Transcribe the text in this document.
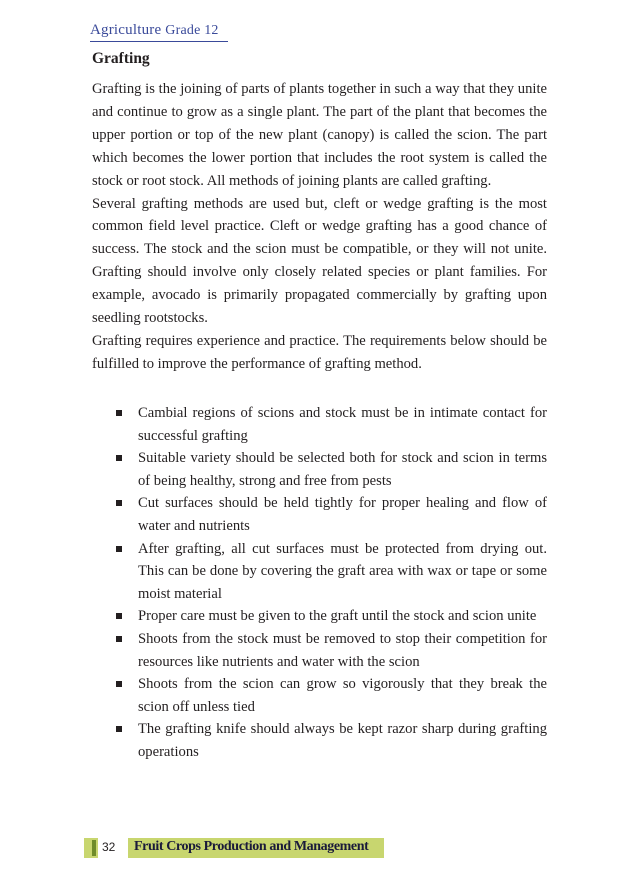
Agriculture Grade 12
Grafting

Grafting is the joining of parts of plants together in such a way that they unite and continue to grow as a single plant. The part of the plant that becomes the upper portion or top of the new plant (canopy) is called the scion. The part which becomes the lower portion that includes the root system is called the stock or root stock. All methods of joining plants are called grafting.

Several grafting methods are used but, cleft or wedge grafting is the most common field level practice. Cleft or wedge grafting has a good chance of success. The stock and the scion must be compatible, or they will not unite. Grafting should involve only closely related species or plant families. For example, avocado is primarily propagated commercially by grafting upon seedling rootstocks.

Grafting requires experience and practice. The requirements below should be fulfilled to improve the performance of grafting method.

Cambial regions of scions and stock must be in intimate contact for successful grafting
Suitable variety should be selected both for stock and scion in terms of being healthy, strong and free from pests
Cut surfaces should be held tightly for proper healing and flow of water and nutrients
After grafting, all cut surfaces must be protected from drying out. This can be done by covering the graft area with wax or tape or some moist material
Proper care must be given to the graft until the stock and scion unite
Shoots from the stock must be removed to stop their competition for resources like nutrients and water with the scion
Shoots from the scion can grow so vigorously that they break the scion off unless tied
The grafting knife should always be kept razor sharp during grafting operations
32 Fruit Crops Production and Management
